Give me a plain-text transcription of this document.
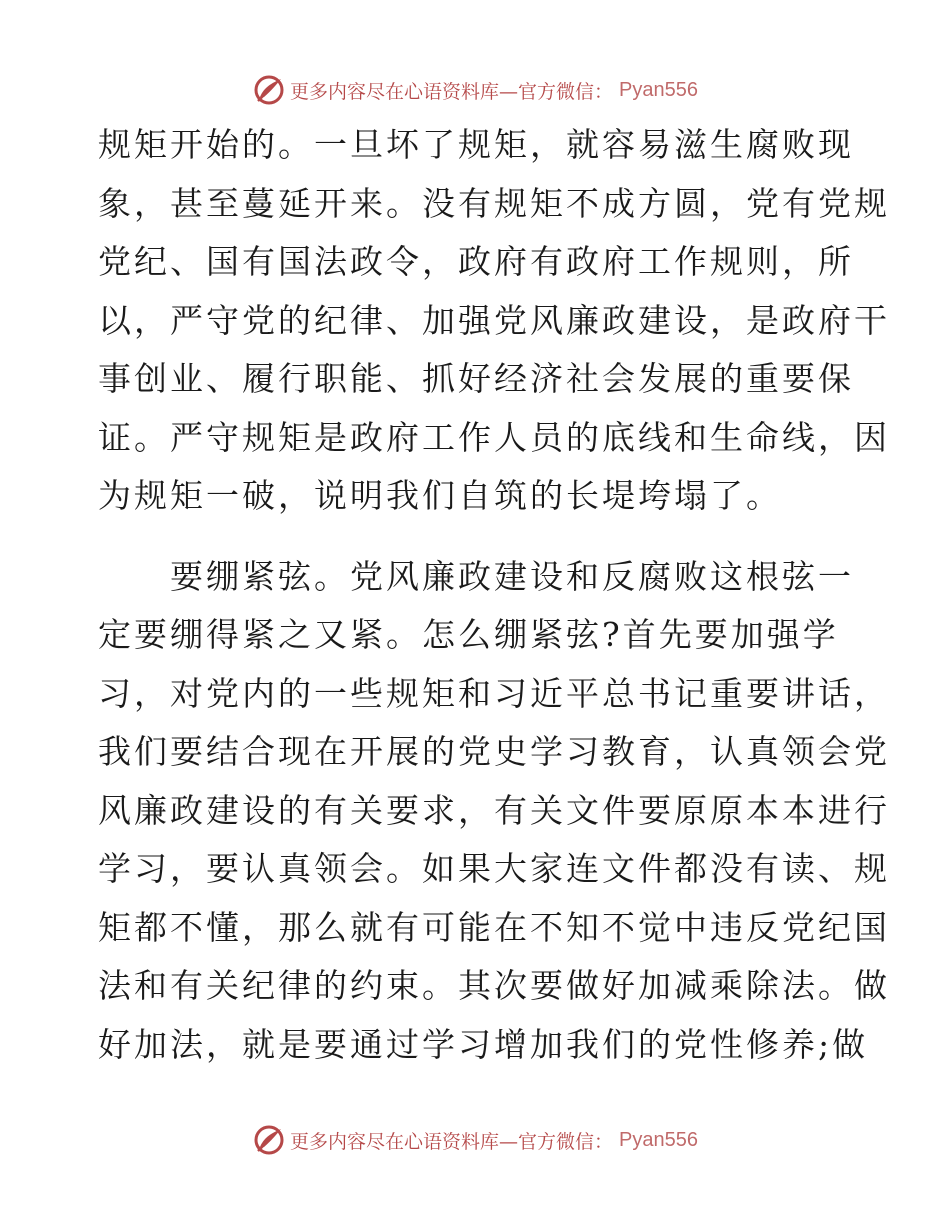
更多内容尽在心语资料库—官方微信： Pyan556
规矩开始的。一旦坏了规矩，就容易滋生腐败现
象，甚至蔓延开来。没有规矩不成方圆，党有党规
党纪、国有国法政令，政府有政府工作规则，所
以，严守党的纪律、加强党风廉政建设，是政府干
事创业、履行职能、抓好经济社会发展的重要保
证。严守规矩是政府工作人员的底线和生命线，因
为规矩一破，说明我们自筑的长堤垮塌了。
　　要绷紧弦。党风廉政建设和反腐败这根弦一
定要绷得紧之又紧。怎么绷紧弦?首先要加强学
习，对党内的一些规矩和习近平总书记重要讲话，
我们要结合现在开展的党史学习教育，认真领会党
风廉政建设的有关要求，有关文件要原原本本进行
学习，要认真领会。如果大家连文件都没有读、规
矩都不懂，那么就有可能在不知不觉中违反党纪国
法和有关纪律的约束。其次要做好加减乘除法。做
好加法，就是要通过学习增加我们的党性修养;做
更多内容尽在心语资料库—官方微信： Pyan556
